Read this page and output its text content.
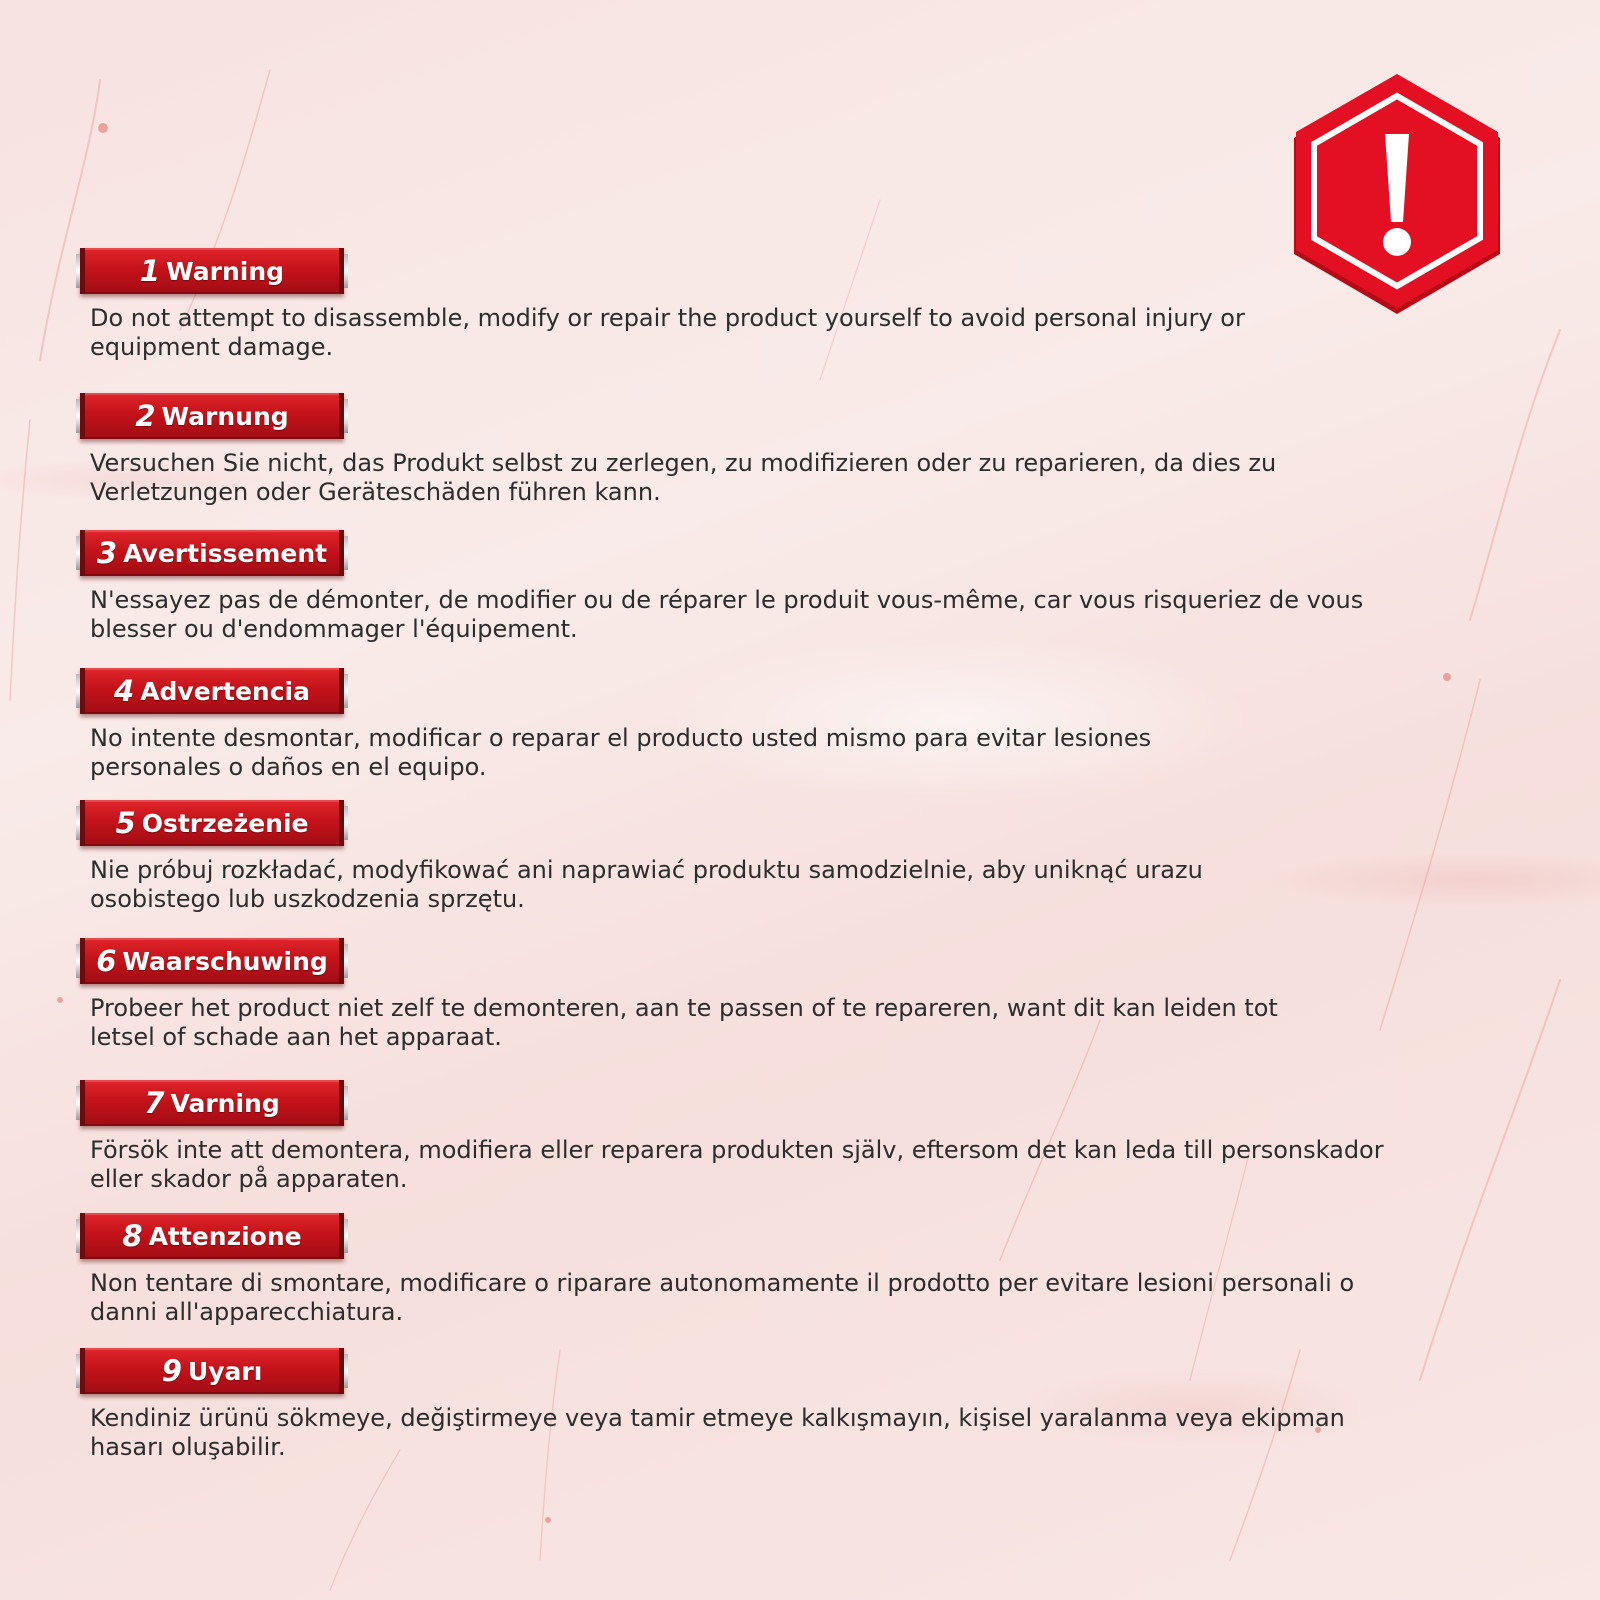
1 Warning
Do not attempt to disassemble, modify or repair the product yourself to avoid personal injury or equipment damage.
2 Warnung
Versuchen Sie nicht, das Produkt selbst zu zerlegen, zu modifizieren oder zu reparieren, da dies zu Verletzungen oder Geräteschäden führen kann.
3 Avertissement
N'essayez pas de démonter, de modifier ou de réparer le produit vous-même, car vous risqueriez de vous blesser ou d'endommager l'équipement.
4 Advertencia
No intente desmontar, modificar o reparar el producto usted mismo para evitar lesiones personales o daños en el equipo.
5 Ostrzeżenie
Nie próbuj rozkładać, modyfikować ani naprawiać produktu samodzielnie, aby uniknąć urazu osobistego lub uszkodzenia sprzętu.
6 Waarschuwing
Probeer het product niet zelf te demonteren, aan te passen of te repareren, want dit kan leiden tot letsel of schade aan het apparaat.
7 Varning
Försök inte att demontera, modifiera eller reparera produkten själv, eftersom det kan leda till personskador eller skador på apparaten.
8 Attenzione
Non tentare di smontare, modificare o riparare autonomamente il prodotto per evitare lesioni personali o danni all'apparecchiatura.
9 Uyarı
Kendiniz ürünü sökmeye, değiştirmeye veya tamir etmeye kalkışmayın, kişisel yaralanma veya ekipman hasarı oluşabilir.
